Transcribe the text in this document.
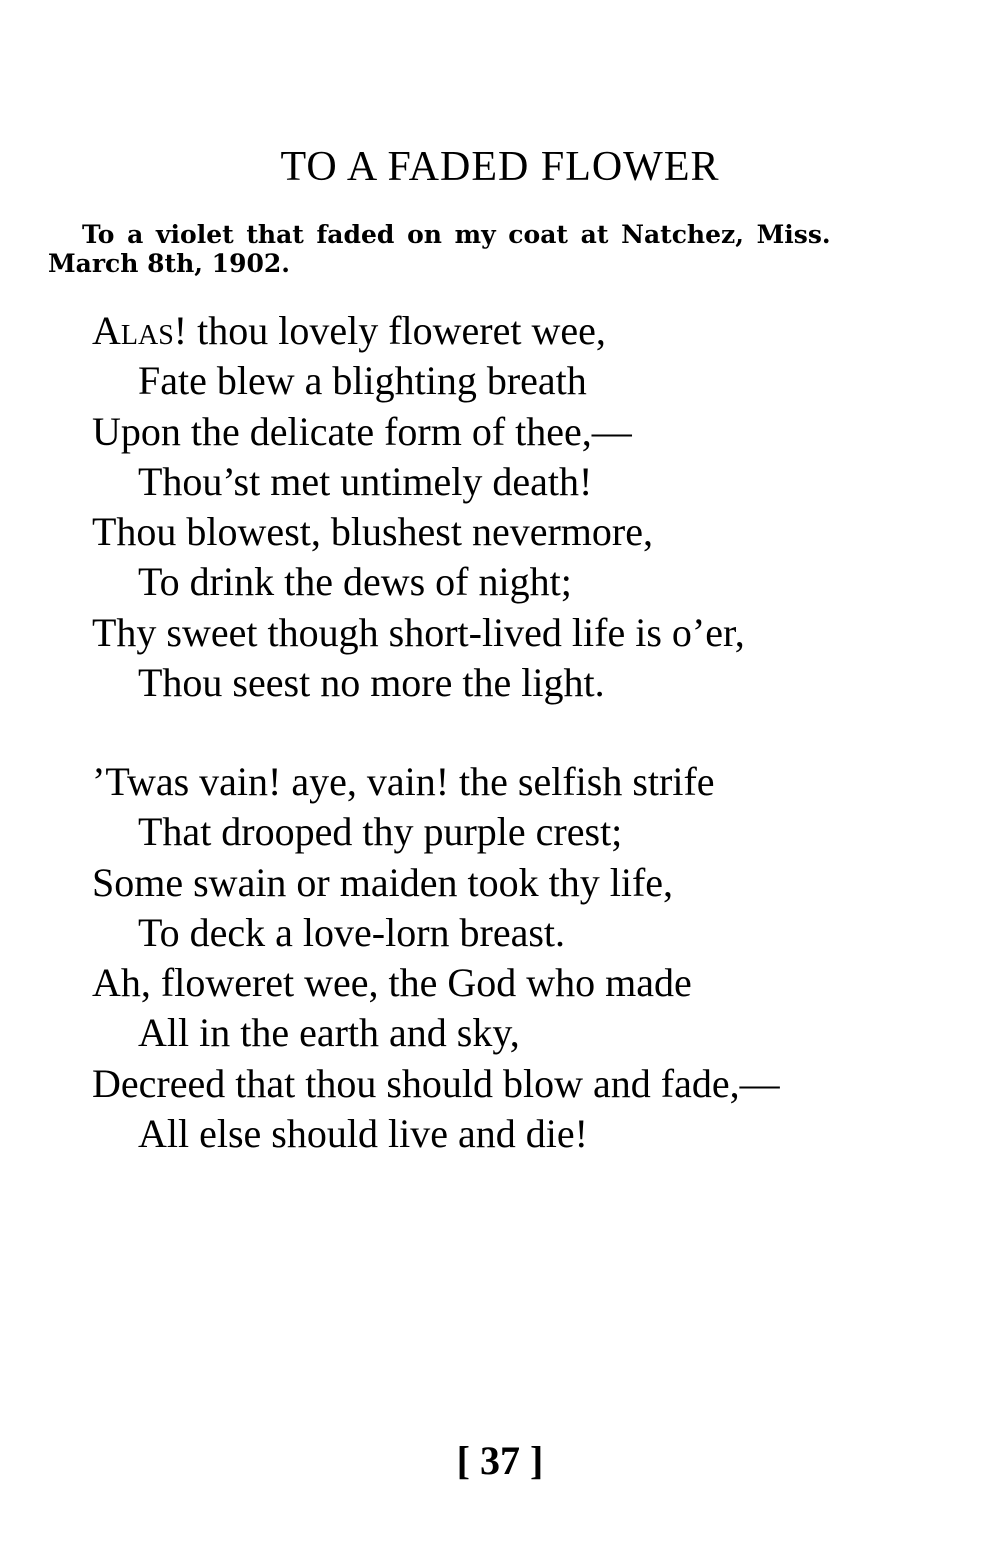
TO A FADED FLOWER
To a violet that faded on my coat at Natchez, Miss.
March 8th, 1902.
Alas! thou lovely floweret wee,
Fate blew a blighting breath
Upon the delicate form of thee,—
Thou’st met untimely death!
Thou blowest, blushest nevermore,
To drink the dews of night;
Thy sweet though short-lived life is o’er,
Thou seest no more the light.
’Twas vain! aye, vain! the selfish strife
That drooped thy purple crest;
Some swain or maiden took thy life,
To deck a love-lorn breast.
Ah, floweret wee, the God who made
All in the earth and sky,
Decreed that thou should blow and fade,—
All else should live and die!
[ 37 ]
